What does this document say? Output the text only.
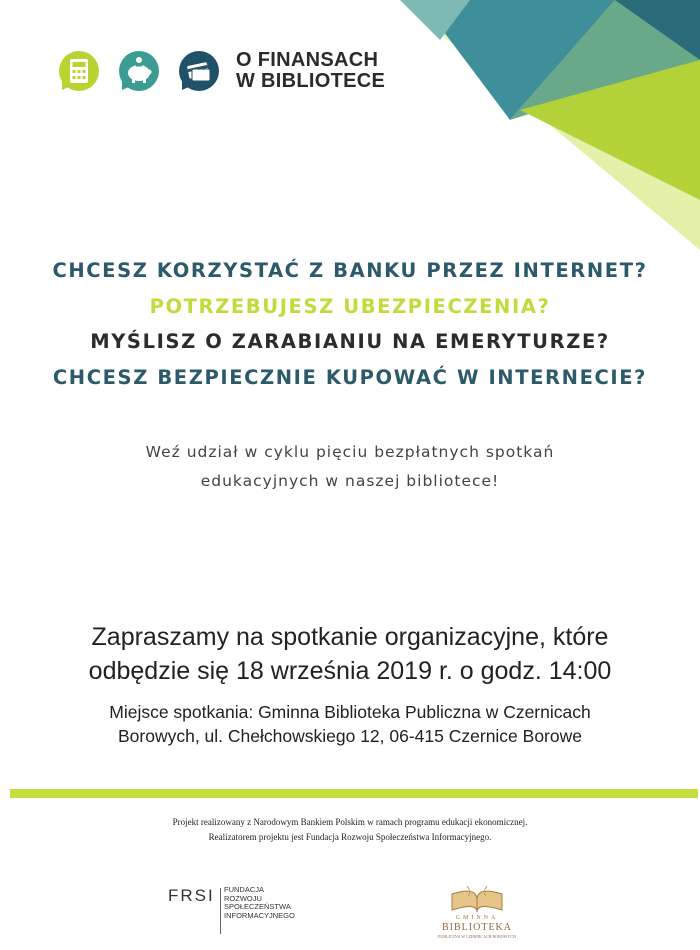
O FINANSACH
W BIBLIOTECE
CHCESZ KORZYSTAĆ Z BANKU PRZEZ INTERNET?
POTRZEBUJESZ UBEZPIECZENIA?
MYŚLISZ O ZARABIANIU NA EMERYTURZE?
CHCESZ BEZPIECZNIE KUPOWAĆ W INTERNECIE?
Weź udział w cyklu pięciu bezpłatnych spotkań
edukacyjnych w naszej bibliotece!
Zapraszamy na spotkanie organizacyjne, które
odbędzie się 18 września 2019 r. o godz. 14:00
Miejsce spotkania: Gminna Biblioteka Publiczna w Czernicach
Borowych, ul. Chełchowskiego 12, 06-415 Czernice Borowe
Projekt realizowany z Narodowym Bankiem Polskim w ramach programu edukacji ekonomicznej.
Realizatorem projektu jest Fundacja Rozwoju Społeczeństwa Informacyjnego.
FRSI FUNDACJA
ROZWOJU
SPOŁECZEŃSTWA
INFORMACYJNEGO	GMINNA
BIBLIOTEKA
PUBLICZNA W CZERNICACH BOROWYCH
